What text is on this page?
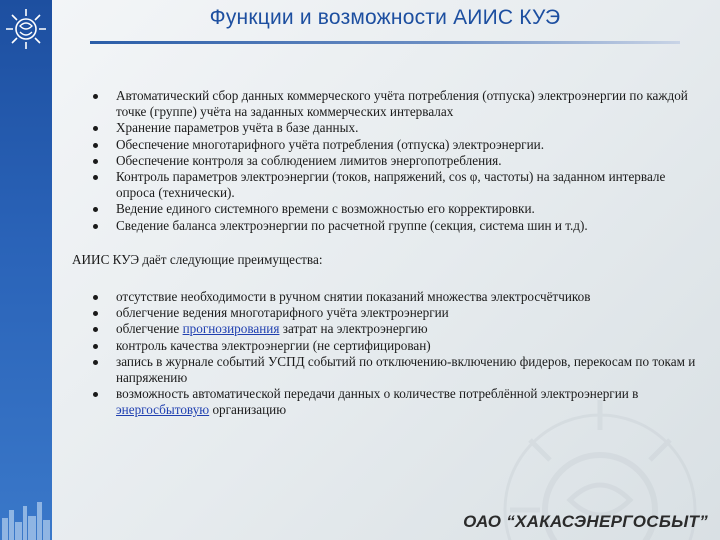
Функции и возможности АИИС КУЭ
Автоматический сбор данных коммерческого учёта потребления (отпуска) электроэнергии по каждой точке (группе) учёта на заданных коммерческих интервалах
Хранение параметров учёта в базе данных.
Обеспечение многотарифного учёта потребления (отпуска) электроэнергии.
Обеспечение контроля за соблюдением лимитов энергопотребления.
Контроль параметров электроэнергии (токов, напряжений, cos φ, частоты) на заданном интервале опроса (технически).
Ведение единого системного времени с возможностью его корректировки.
Сведение баланса электроэнергии по расчетной группе (секция, система шин и т.д).
АИИС КУЭ даёт следующие преимущества:
отсутствие необходимости в ручном снятии показаний множества электросчётчиков
облегчение ведения многотарифного учёта электроэнергии
облегчение прогнозирования затрат на электроэнергию
контроль качества электроэнергии (не сертифицирован)
запись в журнале событий УСПД событий по отключению-включению фидеров, перекосам по токам и напряжению
возможность автоматической передачи данных о количестве потреблённой электроэнергии в энергосбытовую организацию
ОАО “ХАКАСЭНЕРГОСБЫТ”
